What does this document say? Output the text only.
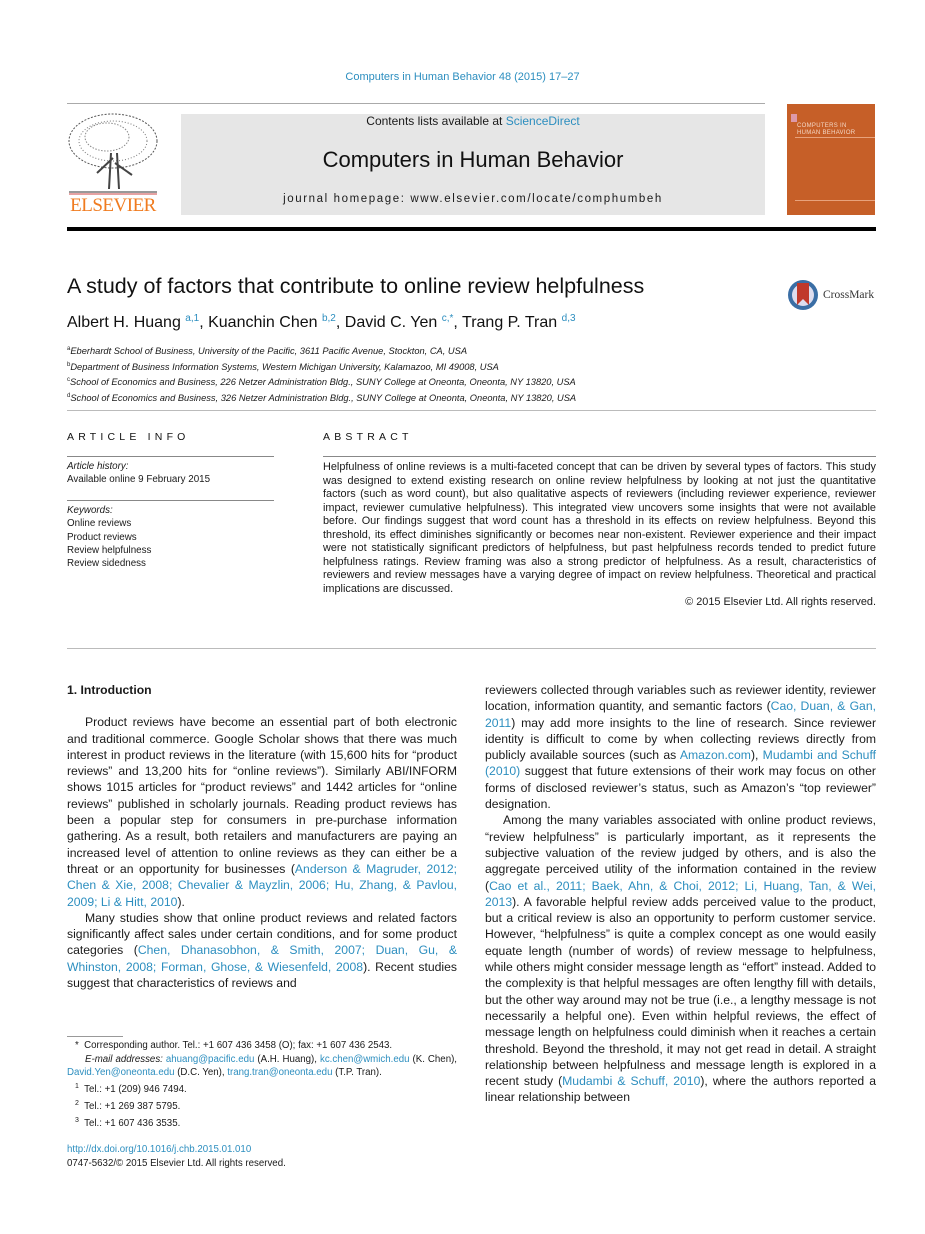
Computers in Human Behavior 48 (2015) 17–27
ELSEVIER
Contents lists available at ScienceDirect
Computers in Human Behavior
journal homepage: www.elsevier.com/locate/comphumbeh
COMPUTERS IN HUMAN BEHAVIOR
A study of factors that contribute to online review helpfulness	CrossMark
Albert H. Huang $^{a,1}$, Kuanchin Chen $^{b,2}$, David C. Yen $^{c,*}$, Trang P. Tran $^{d,3}$
$^a$Eberhardt School of Business, University of the Pacific, 3611 Pacific Avenue, Stockton, CA, USA
$^b$Department of Business Information Systems, Western Michigan University, Kalamazoo, MI 49008, USA
$^c$School of Economics and Business, 226 Netzer Administration Bldg., SUNY College at Oneonta, Oneonta, NY 13820, USA
$^d$School of Economics and Business, 326 Netzer Administration Bldg., SUNY College at Oneonta, Oneonta, NY 13820, USA
ARTICLE INFO
Article history:
Available online 9 February 2015
Keywords:
Online reviews
Product reviews
Review helpfulness
Review sidedness
ABSTRACT
Helpfulness of online reviews is a multi-faceted concept that can be driven by several types of factors. This study was designed to extend existing research on online review helpfulness by looking at not just the quantitative factors (such as word count), but also qualitative aspects of reviewers (including reviewer experience, reviewer impact, reviewer cumulative helpfulness). This integrated view uncovers some insights that were not available before. Our findings suggest that word count has a threshold in its effects on review helpfulness. Beyond this threshold, its effect diminishes significantly or becomes near non-existent. Reviewer experience and their impact were not statistically significant predictors of helpfulness, but past helpfulness records tended to predict future helpfulness ratings. Review framing was also a strong predictor of helpfulness. As a result, characteristics of reviewers and review messages have a varying degree of impact on review helpfulness. Theoretical and practical implications are discussed.
© 2015 Elsevier Ltd. All rights reserved.
1. Introduction

Product reviews have become an essential part of both electronic and traditional commerce. Google Scholar shows that there was much interest in product reviews in the literature (with 15,600 hits for “product reviews” and 13,200 hits for “online reviews”). Similarly ABI/INFORM shows 1015 articles for “product reviews” and 1442 articles for “online reviews” published in scholarly journals. Reading product reviews has been a popular step for consumers in pre-purchase information gathering. As a result, both retailers and manufacturers are paying an increased level of attention to online reviews as they can either be a threat or an opportunity for businesses (Anderson & Magruder, 2012; Chen & Xie, 2008; Chevalier & Mayzlin, 2006; Hu, Zhang, & Pavlou, 2009; Li & Hitt, 2010).

Many studies show that online product reviews and related factors significantly affect sales under certain conditions, and for some product categories (Chen, Dhanasobhon, & Smith, 2007; Duan, Gu, & Whinston, 2008; Forman, Ghose, & Wiesenfeld, 2008). Recent studies suggest that characteristics of reviews and

reviewers collected through variables such as reviewer identity, reviewer location, information quantity, and semantic factors (Cao, Duan, & Gan, 2011) may add more insights to the line of research. Since reviewer identity is difficult to come by when collecting reviews directly from publicly available sources (such as Amazon.com), Mudambi and Schuff (2010) suggest that future extensions of their work may focus on other forms of disclosed reviewer’s status, such as Amazon’s “top reviewer” designation.

Among the many variables associated with online product reviews, “review helpfulness” is particularly important, as it represents the subjective valuation of the review judged by others, and is also the aggregate perceived utility of the information contained in the review (Cao et al., 2011; Baek, Ahn, & Choi, 2012; Li, Huang, Tan, & Wei, 2013). A favorable helpful review adds perceived value to the product, but a critical review is also an opportunity to perform customer service. However, “helpfulness” is quite a complex concept as one would easily equate length (number of words) of review message to helpfulness, while others might consider message length as “effort” instead. Added to the complexity is that helpful messages are often lengthy fill with details, but the other way around may not be true (i.e., a lengthy message is not necessarily a helpful one). Even within helpful reviews, the effect of message length on helpfulness could diminish when it reaches a certain threshold. Beyond the threshold, it may not get read in detail. A straight relationship between helpfulness and message length is explored in a recent study (Mudambi & Schuff, 2010), where the authors reported a linear relationship between

* Corresponding author. Tel.: +1 607 436 3458 (O); fax: +1 607 436 2543.
E-mail addresses: ahuang@pacific.edu (A.H. Huang), kc.chen@wmich.edu (K. Chen), David.Yen@oneonta.edu (D.C. Yen), trang.tran@oneonta.edu (T.P. Tran).
$^1$ Tel.: +1 (209) 946 7494.
$^2$ Tel.: +1 269 387 5795.
$^3$ Tel.: +1 607 436 3535.
http://dx.doi.org/10.1016/j.chb.2015.01.010
0747-5632/© 2015 Elsevier Ltd. All rights reserved.
